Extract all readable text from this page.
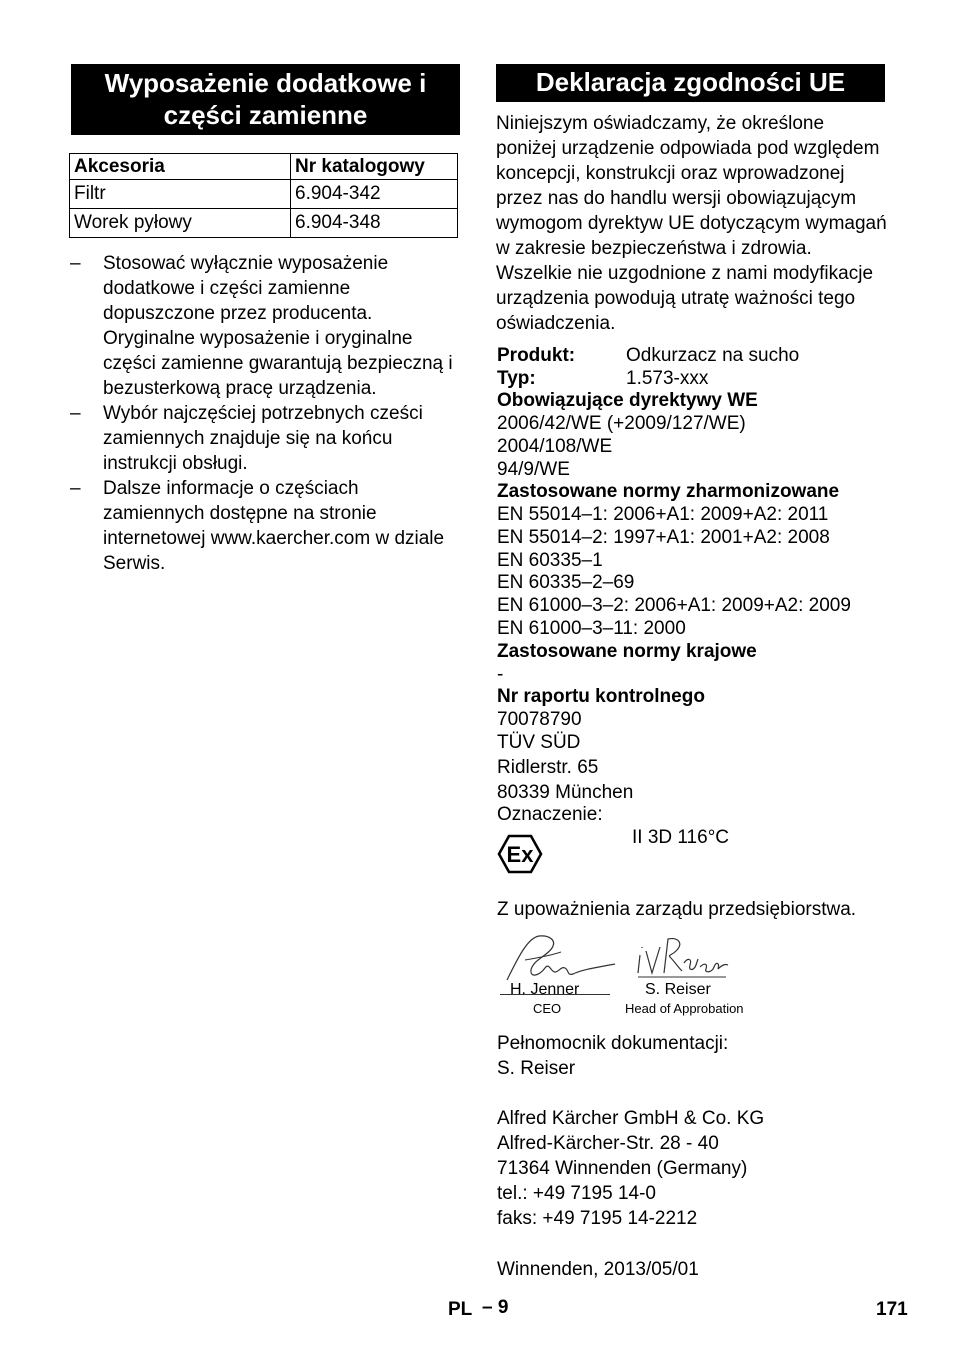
Wyposażenie dodatkowe i
części zamienne
Akcesoria	Nr katalogowy
Filtr	6.904-342
Worek pyłowy	6.904-348
– Stosować wyłącznie wyposażenie dodatkowe i części zamienne dopuszczone przez producenta. Oryginalne wyposażenie i oryginalne części zamienne gwarantują bezpieczną i bezusterkową pracę urządzenia.
– Wybór najczęściej potrzebnych cześci zamiennych znajduje się na końcu instrukcji obsługi.
– Dalsze informacje o częściach zamiennych dostępne na stronie internetowej www.kaercher.com w dziale Serwis.
Deklaracja zgodności UE
Niniejszym oświadczamy, że określone poniżej urządzenie odpowiada pod względem koncepcji, konstrukcji oraz wprowadzonej przez nas do handlu wersji obowiązującym wymogom dyrektyw UE dotyczącym wymagań w zakresie bezpieczeństwa i zdrowia. Wszelkie nie uzgodnione z nami modyfikacje urządzenia powodują utratę ważności tego oświadczenia.
Produkt:	Odkurzacz na sucho
Typ:	1.573-xxx
Obowiązujące dyrektywy WE
2006/42/WE (+2009/127/WE)
2004/108/WE
94/9/WE
Zastosowane normy zharmonizowane
EN 55014–1: 2006+A1: 2009+A2: 2011
EN 55014–2: 1997+A1: 2001+A2: 2008
EN 60335–1
EN 60335–2–69
EN 61000–3–2: 2006+A1: 2009+A2: 2009
EN 61000–3–11: 2000
Zastosowane normy krajowe
-
Nr raportu kontrolnego
70078790
TÜV SÜD
Ridlerstr. 65
80339 München
Oznaczenie:
Ex
II 3D 116°C
Z upoważnienia zarządu przedsiębiorstwa.
H. Jenner
CEO
S. Reiser
Head of Approbation
Pełnomocnik dokumentacji:
S. Reiser
Alfred Kärcher GmbH & Co. KG
Alfred-Kärcher-Str. 28 - 40
71364 Winnenden (Germany)
tel.: +49 7195 14-0
faks: +49 7195 14-2212
Winnenden, 2013/05/01
PL – 9	171
